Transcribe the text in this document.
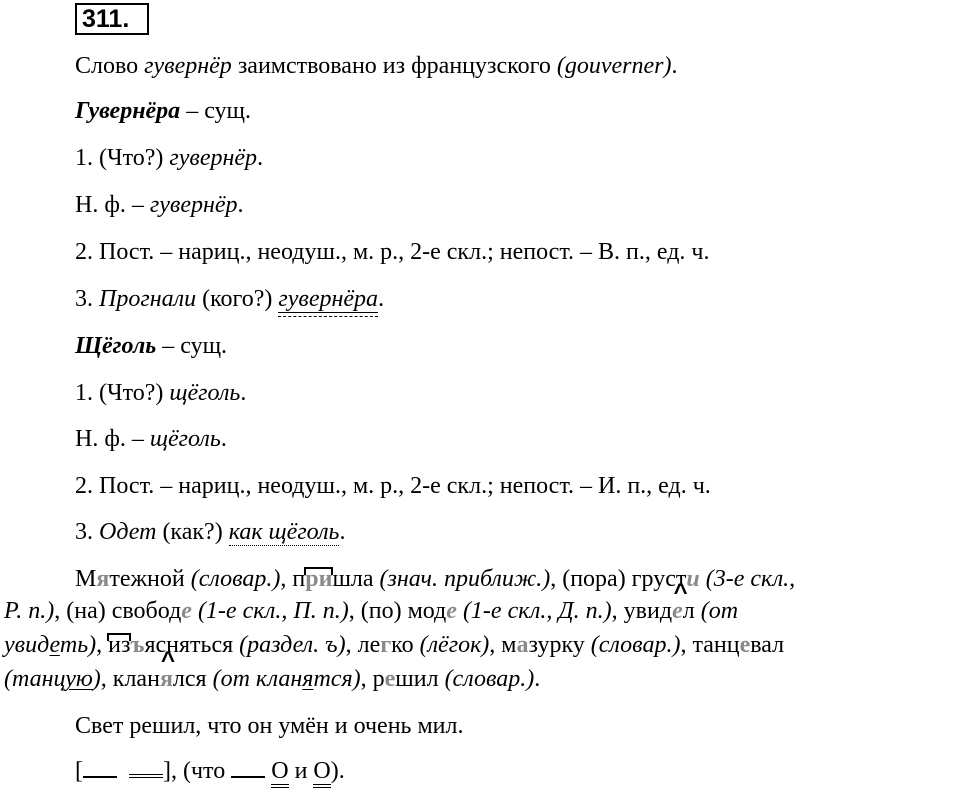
311.
Слово гувернёр заимствовано из французского (gouverner).
Гувернёра – сущ.
1. (Что?) гувернёр.
Н. ф. – гувернёр.
2. Пост. – нариц., неодуш., м. р., 2-е скл.; непост. – В. п., ед. ч.
3. Прогнали (кого?) гувернёра.
Щёголь – сущ.
1. (Что?) щёголь.
Н. ф. – щёголь.
2. Пост. – нариц., неодуш., м. р., 2-е скл.; непост. – И. п., ед. ч.
3. Одет (как?) как щёголь.
Мятежной (словар.), пришла (знач. приближ.), (пора) грусти (3-е скл.,
Р. п.), (на) свободе (1-е скл., П. п.), (по) моде (1-е скл., Д. п.), увид^ ел (от
увидеть), изъясняться (раздел. ъ), легко (лёгок), мазурку (словар.), танцевал
(танцую), клан^ ялся (от кланятся), решил (словар.).
Свет решил, что он умён и очень мил.
[	], (что  О и О).
